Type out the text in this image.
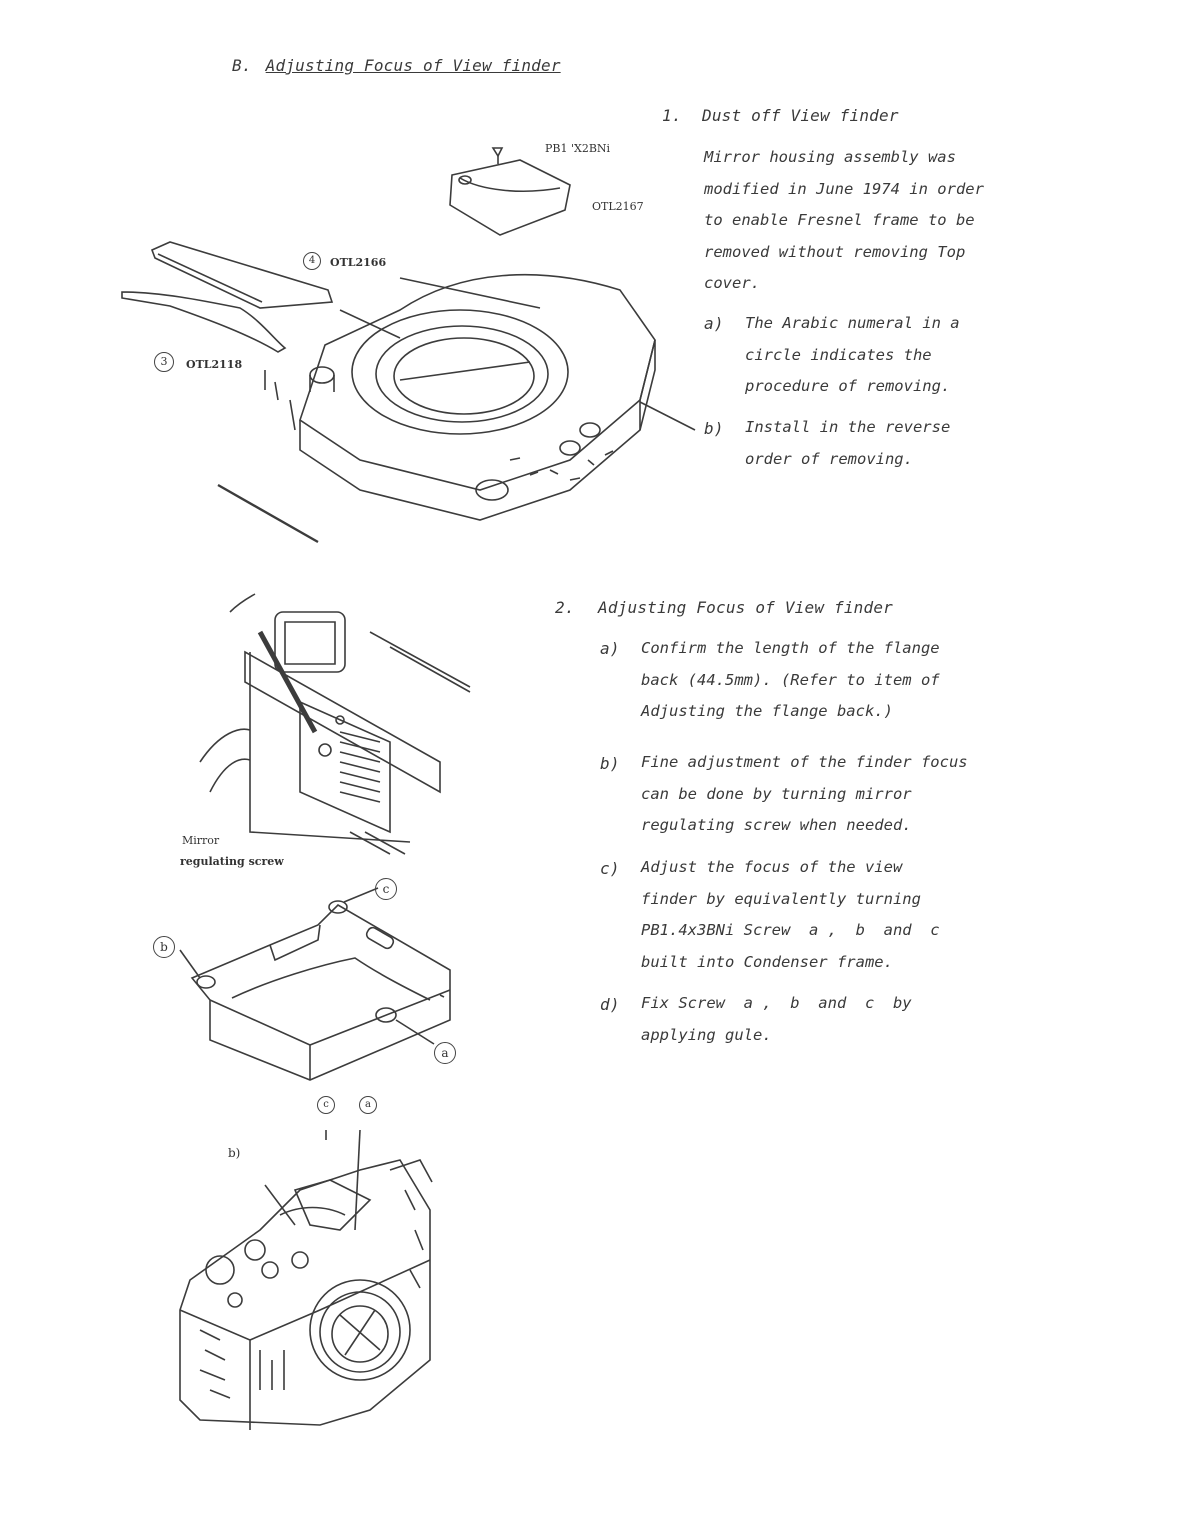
B. Adjusting Focus of View finder
1. Dust off View finder
Mirror housing assembly was
modified in June 1974 in order
to enable Fresnel frame to be
removed without removing Top
cover.
a) The Arabic numeral in a
circle indicates the
procedure of removing.
b) Install in the reverse
order of removing.
2. Adjusting Focus of View finder
a) Confirm the length of the flange
back (44.5mm). (Refer to item of
Adjusting the flange back.)
b) Fine adjustment of the finder focus
can be done by turning mirror
regulating screw when needed.
c) Adjust the focus of the view
finder by equivalently turning
PB1.4x3BNi Screw  a ,  b  and  c
built into Condenser frame.
d) Fix Screw  a ,  b  and  c  by
applying gule.
PB1 'X2BNi
OTL2167
OTL2166
OTL2118
4
3
Mirror
regulating screw
c
b
a
c	a
b)
